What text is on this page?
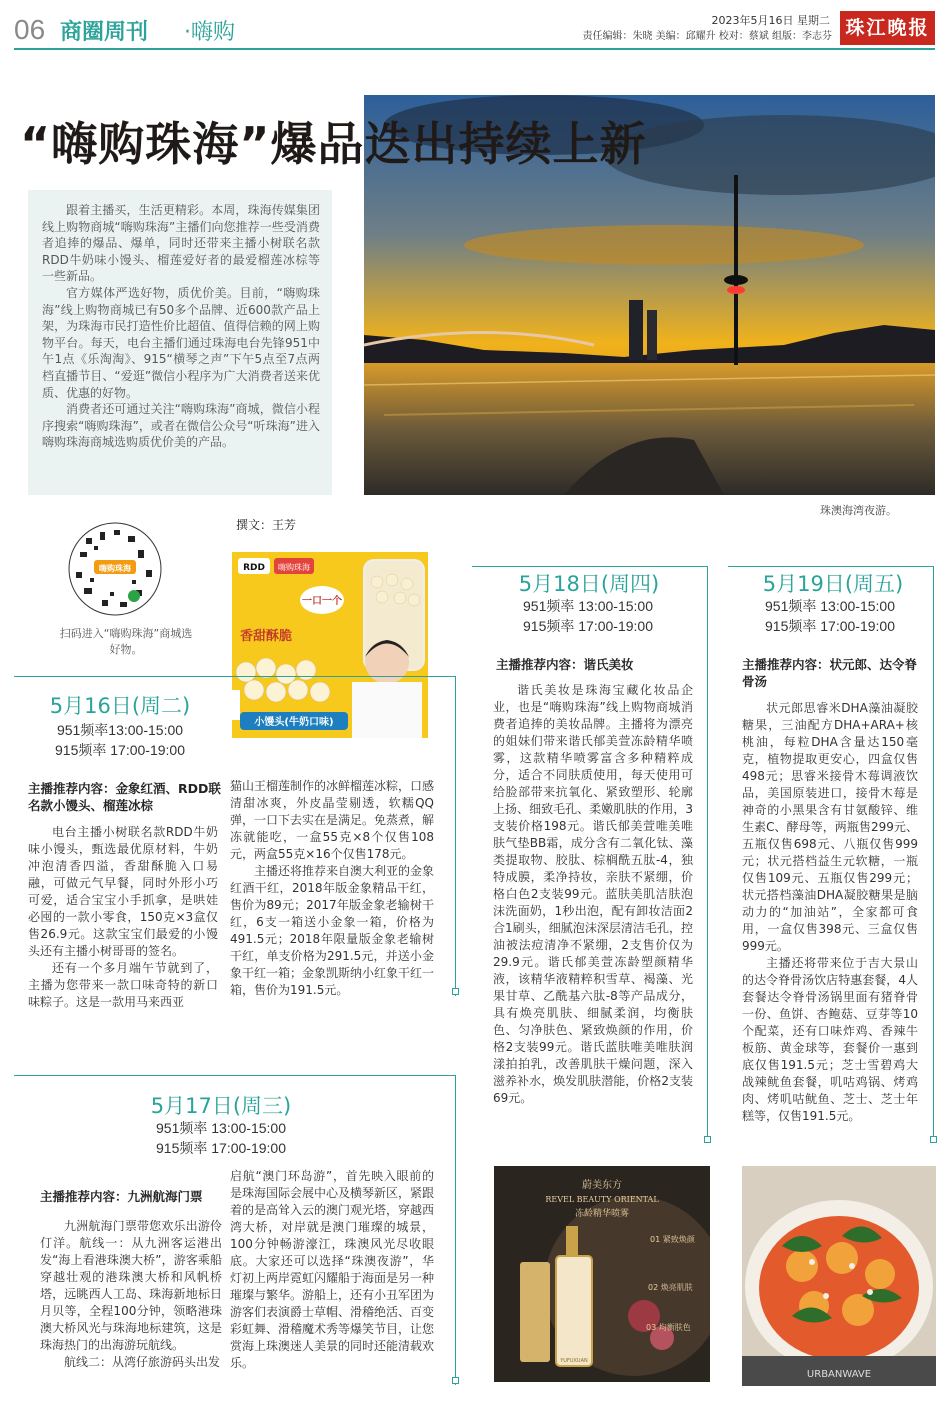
06 商圈周刊 ·嗨购	2023年5月16日 星期二
责任编辑：朱晓 美编：邱耀升 校对：蔡斌 组版：李志芬 珠江晚报
“嗨购珠海”爆品迭出持续上新

跟着主播买，生活更精彩。本周，珠海传媒集团线上购物商城“嗨购珠海”主播们向您推荐一些受消费者追捧的爆品、爆单，同时还带来主播小树联名款RDD牛奶味小馒头、榴莲爱好者的最爱榴莲冰棕等一些新品。

官方媒体严选好物，质优价美。目前，“嗨购珠海”线上购物商城已有50多个品牌、近600款产品上架，为珠海市民打造性价比超值、值得信赖的网上购物平台。每天，电台主播们通过珠海电台先锋951中午1点《乐淘淘》、915“横琴之声”下午5点至7点两档直播节目、“爱逛”微信小程序为广大消费者送来优质、优惠的好物。

消费者还可通过关注“嗨购珠海”商城，微信小程序搜索“嗨购珠海”，或者在微信公众号“听珠海”进入嗨购珠海商城选购质优价美的产品。

珠澳海湾夜游。
撰文：王芳
嗨购珠海
扫码进入“嗨购珠海”商城选好物。
RDD 嗨购珠海
一口一个
香甜酥脆
小馒头(牛奶口味)
5月16日(周二)
951频率13:00-15:00
915频率 17:00-19:00
主播推荐内容：金象红酒、RDD联名款小馒头、榴莲冰棕

电台主播小树联名款RDD牛奶味小馒头，甄选最优原材料，牛奶冲泡清香四溢，香甜酥脆入口易融，可做元气早餐，同时外形小巧可爱，适合宝宝小手抓拿，是哄娃必囤的一款小零食，150克×3盒仅售26.9元。这款宝宝们最爱的小馒头还有主播小树哥哥的签名。

还有一个多月端午节就到了，主播为您带来一款口味奇特的新口味粽子。这是一款用马来西亚

猫山王榴莲制作的冰鲜榴莲冰粽，口感清甜冰爽，外皮晶莹剔透，软糯QQ弹，一口下去实在是满足。免蒸煮，解冻就能吃，一盒55克×8个仅售108元，两盒55克×16个仅售178元。

主播还将推荐来自澳大利亚的金象红酒干红，2018年版金象精品干红，售价为89元；2017年版金象老输树干红，6支一箱送小金象一箱，价格为491.5元；2018年限量版金象老输树干红，单支价格为291.5元，并送小金象干红一箱；金象凯斯纳小红象干红一箱，售价为191.5元。

5月17日(周三)
951频率 13:00-15:00
915频率 17:00-19:00
主播推荐内容：九洲航海门票

九洲航海门票带您欢乐出游伶仃洋。航线一：从九洲客运港出发“海上看港珠澳大桥”，游客乘船穿越壮观的港珠澳大桥和风帆桥塔，远眺西人工岛、珠海新地标日月贝等，全程100分钟，领略港珠澳大桥风光与珠海地标建筑，这是珠海热门的出海游玩航线。

航线二：从湾仔旅游码头出发

启航“澳门环岛游”，首先映入眼前的是珠海国际会展中心及横琴新区，紧跟着的是高耸入云的澳门观光塔，穿越西湾大桥，对岸就是澳门璀璨的城景，100分钟畅游濠江，珠澳风光尽收眼底。大家还可以选择“珠澳夜游”，华灯初上两岸霓虹闪耀船于海面是另一种璀璨与繁华。游船上，还有小丑军团为游客们表演爵士草帽、滑稽绝活、百变彩虹舞、滑稽魔术秀等爆笑节目，让您赏海上珠澳迷人美景的同时还能清载欢乐。

5月18日(周四)
951频率 13:00-15:00
915频率 17:00-19:00
主播推荐内容：谐氏美妆

谐氏美妆是珠海宝藏化妆品企业，也是“嗨购珠海”线上购物商城消费者追捧的美妆品牌。主播将为漂亮的姐妹们带来谐氏郁美萱冻龄精华喷雾，这款精华喷雾富含多种精粹成分，适合不同肤质使用，每天使用可给脸部带来抗氧化、紧致塑形、轮廓上扬、细致毛孔、柔嫩肌肤的作用，3支装价格198元。谐氏郁美萱唯美唯肤气垫BB霜，成分含有二氧化钛、藻类提取物、胶肽、棕榈酰五肽-4，独特成膜，柔净持妆，亲肤不紧绷，价格白色2支装99元。蓝肤美肌洁肤泡沫洗面奶，1秒出泡，配有卸妆洁面2合1刷头，细腻泡沫深层清洁毛孔，控油被法痘清净不紧绷，2支售价仅为29.9元。谐氏郁美萱冻龄塑颜精华液，该精华液精粹积雪草、褐藻、光果甘草、乙酰基六肽-8等产品成分，具有焕亮肌肤、细腻柔润，均衡肤色、匀净肤色、紧致焕颜的作用，价格2支装99元。谐氏蓝肤唯美唯肤润漾拍拍乳，改善肌肤干燥问题，深入滋养补水，焕发肌肤潜能，价格2支装69元。

5月19日(周五)
951频率 13:00-15:00
915频率 17:00-19:00
主播推荐内容：状元郎、达令脊骨汤

状元郎思睿米DHA藻油凝胶糖果，三油配方DHA+ARA+核桃油，每粒DHA含量达150毫克，植物提取更安心，四盒仅售498元；思睿米接骨木莓调液饮品，美国原装进口，接骨木莓是神奇的小黑果含有甘氨酸锌、维生素C、酵母等，两瓶售299元、五瓶仅售698元、八瓶仅售999元；状元搭档益生元软糖，一瓶仅售109元、五瓶仅售299元；状元搭档藻油DHA凝胶糖果是脑动力的“加油站”，全家都可食用，一盒仅售398元、三盒仅售999元。

主播还将带来位于吉大景山的达令脊骨汤饮店特惠套餐，4人套餐达令脊骨汤锅里面有猪脊骨一份、鱼饼、杏鲍菇、豆芽等10个配菜，还有口味炸鸡、香辣牛板筋、黄金球等，套餐价一惠到底仅售191.5元；芝士雪碧鸡大战辣鱿鱼套餐，叽咕鸡锅、烤鸡肉、烤叽咕鱿鱼、芝士、芝士年糕等，仅售191.5元。

蔚美东方
REVEL BEAUTY ORIENTAL
冻龄精华喷雾
YUFUXUAN
01 紧致焕颜
02 焕亮肌肤
03 均衡肤色
URBANWAVE
